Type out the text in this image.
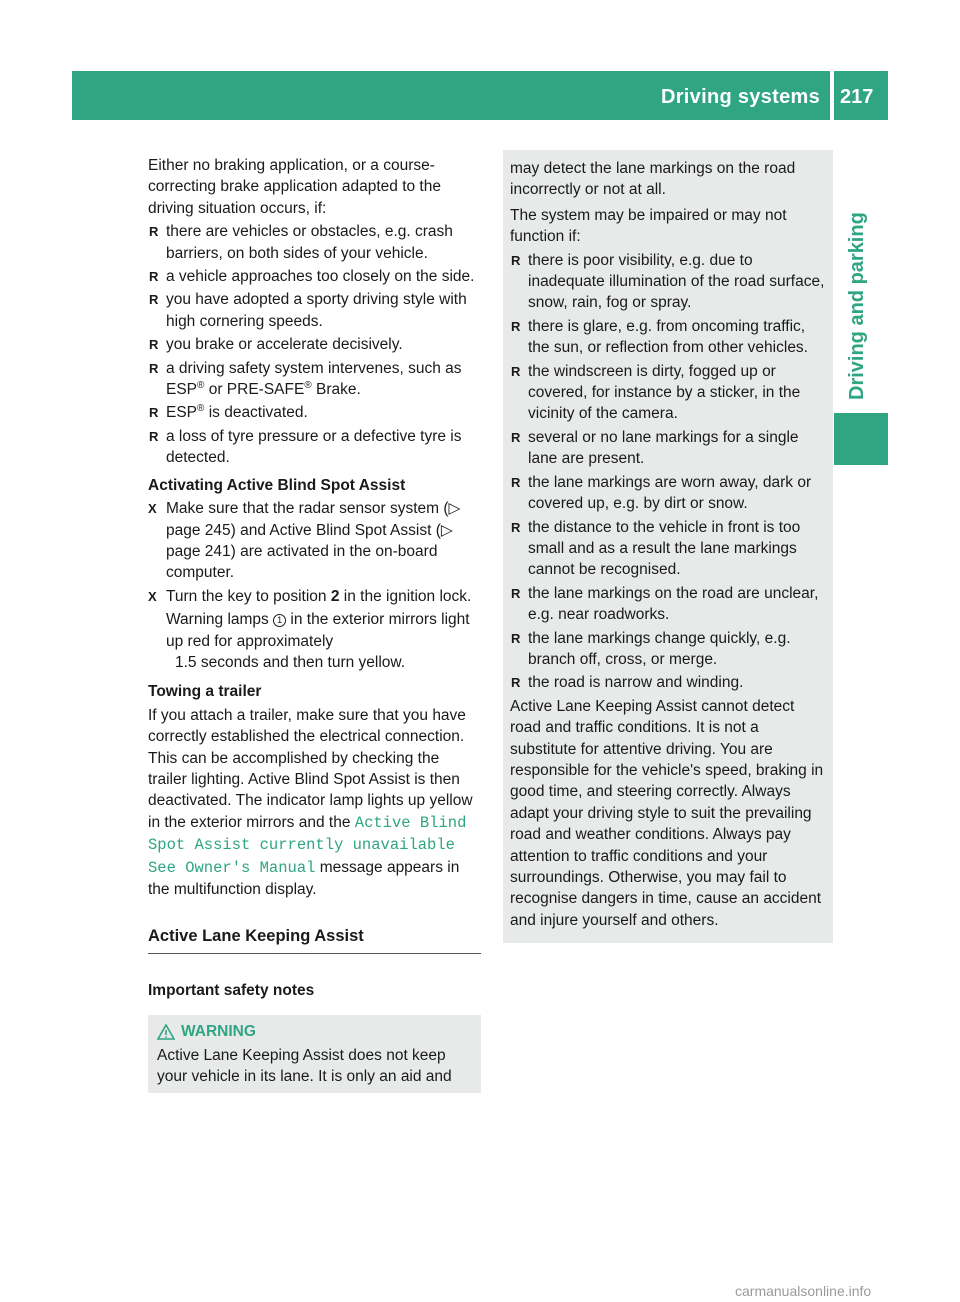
Driving systems 217
Driving and parking
Either no braking application, or a course-correcting brake application adapted to the driving situation occurs, if:
R there are vehicles or obstacles, e.g. crash barriers, on both sides of your vehicle.
R a vehicle approaches too closely on the side.
R you have adopted a sporty driving style with high cornering speeds.
R you brake or accelerate decisively.
R a driving safety system intervenes, such as ESP® or PRE-SAFE® Brake.
R ESP® is deactivated.
R a loss of tyre pressure or a defective tyre is detected.
Activating Active Blind Spot Assist
X Make sure that the radar sensor system (▷ page 245) and Active Blind Spot Assist (▷ page 241) are activated in the on-board computer.
X Turn the key to position 2 in the ignition lock.
Warning lamps 1 in the exterior mirrors light up red for approximately
1.5 seconds and then turn yellow.
Towing a trailer
If you attach a trailer, make sure that you have correctly established the electrical connection. This can be accomplished by checking the trailer lighting. Active Blind Spot Assist is then deactivated. The indicator lamp lights up yellow in the exterior mirrors and the Active Blind Spot Assist currently unavailable See Owner's Manual message appears in the multifunction display.
Active Lane Keeping Assist
Important safety notes
WARNING
Active Lane Keeping Assist does not keep your vehicle in its lane. It is only an aid and
may detect the lane markings on the road incorrectly or not at all.
The system may be impaired or may not function if:
R there is poor visibility, e.g. due to inadequate illumination of the road surface, snow, rain, fog or spray.
R there is glare, e.g. from oncoming traffic, the sun, or reflection from other vehicles.
R the windscreen is dirty, fogged up or covered, for instance by a sticker, in the vicinity of the camera.
R several or no lane markings for a single lane are present.
R the lane markings are worn away, dark or covered up, e.g. by dirt or snow.
R the distance to the vehicle in front is too small and as a result the lane markings cannot be recognised.
R the lane markings on the road are unclear, e.g. near roadworks.
R the lane markings change quickly, e.g. branch off, cross, or merge.
R the road is narrow and winding.
Active Lane Keeping Assist cannot detect road and traffic conditions. It is not a substitute for attentive driving. You are responsible for the vehicle's speed, braking in good time, and steering correctly. Always adapt your driving style to suit the prevailing road and weather conditions. Always pay attention to traffic conditions and your surroundings. Otherwise, you may fail to recognise dangers in time, cause an accident and injure yourself and others.
carmanualsonline.info
